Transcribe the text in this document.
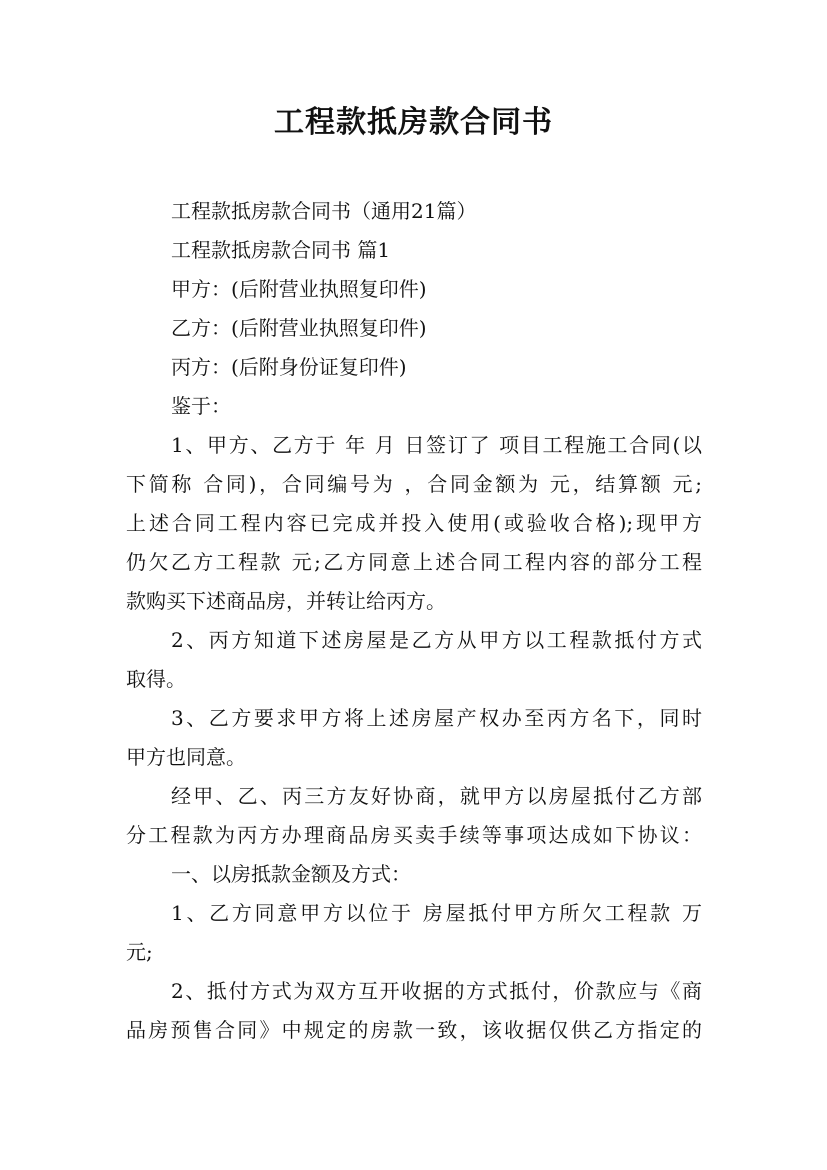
工程款抵房款合同书

工程款抵房款合同书（通用21篇）

工程款抵房款合同书 篇1

甲方：(后附营业执照复印件)

乙方：(后附营业执照复印件)

丙方：(后附身份证复印件)

鉴于：

1、甲方、乙方于 年 月 日签订了 项目工程施工合同(以

下简称 合同)，合同编号为 ，合同金额为 元，结算额 元;

上述合同工程内容已完成并投入使用(或验收合格);现甲方

仍欠乙方工程款 元;乙方同意上述合同工程内容的部分工程

款购买下述商品房，并转让给丙方。

2、丙方知道下述房屋是乙方从甲方以工程款抵付方式

取得。

3、乙方要求甲方将上述房屋产权办至丙方名下，同时

甲方也同意。

经甲、乙、丙三方友好协商，就甲方以房屋抵付乙方部

分工程款为丙方办理商品房买卖手续等事项达成如下协议：

一、以房抵款金额及方式：

1、乙方同意甲方以位于 房屋抵付甲方所欠工程款 万

元;

2、抵付方式为双方互开收据的方式抵付，价款应与《商

品房预售合同》中规定的房款一致，该收据仅供乙方指定的
